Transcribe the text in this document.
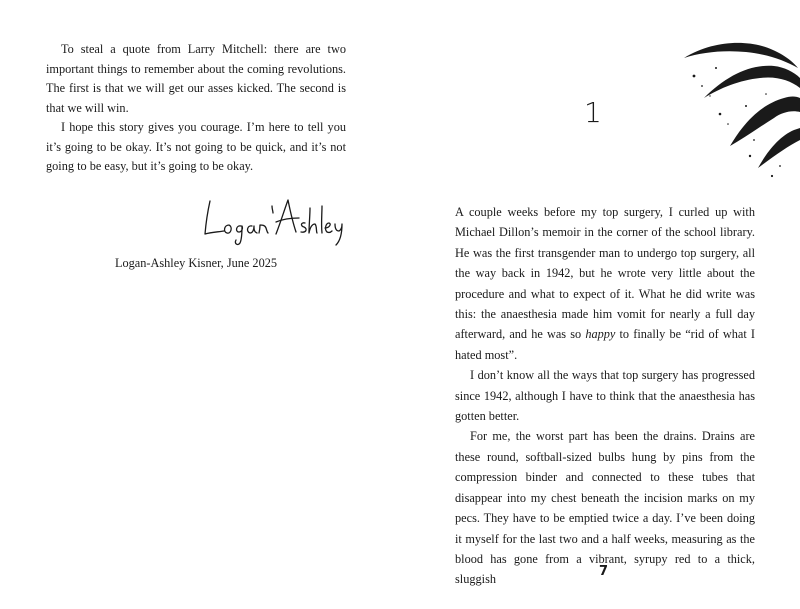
To steal a quote from Larry Mitchell: there are two important things to remember about the coming revolutions. The first is that we will get our asses kicked. The second is that we will win.

I hope this story gives you courage. I’m here to tell you it’s going to be okay. It’s not going to be quick, and it’s not going to be easy, but it’s going to be okay.

Logan-Ashley Kisner, June 2025
1

A couple weeks before my top surgery, I curled up with Michael Dillon’s memoir in the corner of the school library. He was the first transgender man to undergo top surgery, all the way back in 1942, but he wrote very little about the procedure and what to expect of it. What he did write was this: the anaesthesia made him vomit for nearly a full day afterward, and he was so happy to finally be “rid of what I hated most”.

I don’t know all the ways that top surgery has progressed since 1942, although I have to think that the anaesthesia has gotten better.

For me, the worst part has been the drains. Drains are these round, softball-sized bulbs hung by pins from the compression binder and connected to these tubes that disappear into my chest beneath the incision marks on my pecs. They have to be emptied twice a day. I’ve been doing it myself for the last two and a half weeks, measuring as the blood has gone from a vibrant, syrupy red to a thick, sluggish

7
